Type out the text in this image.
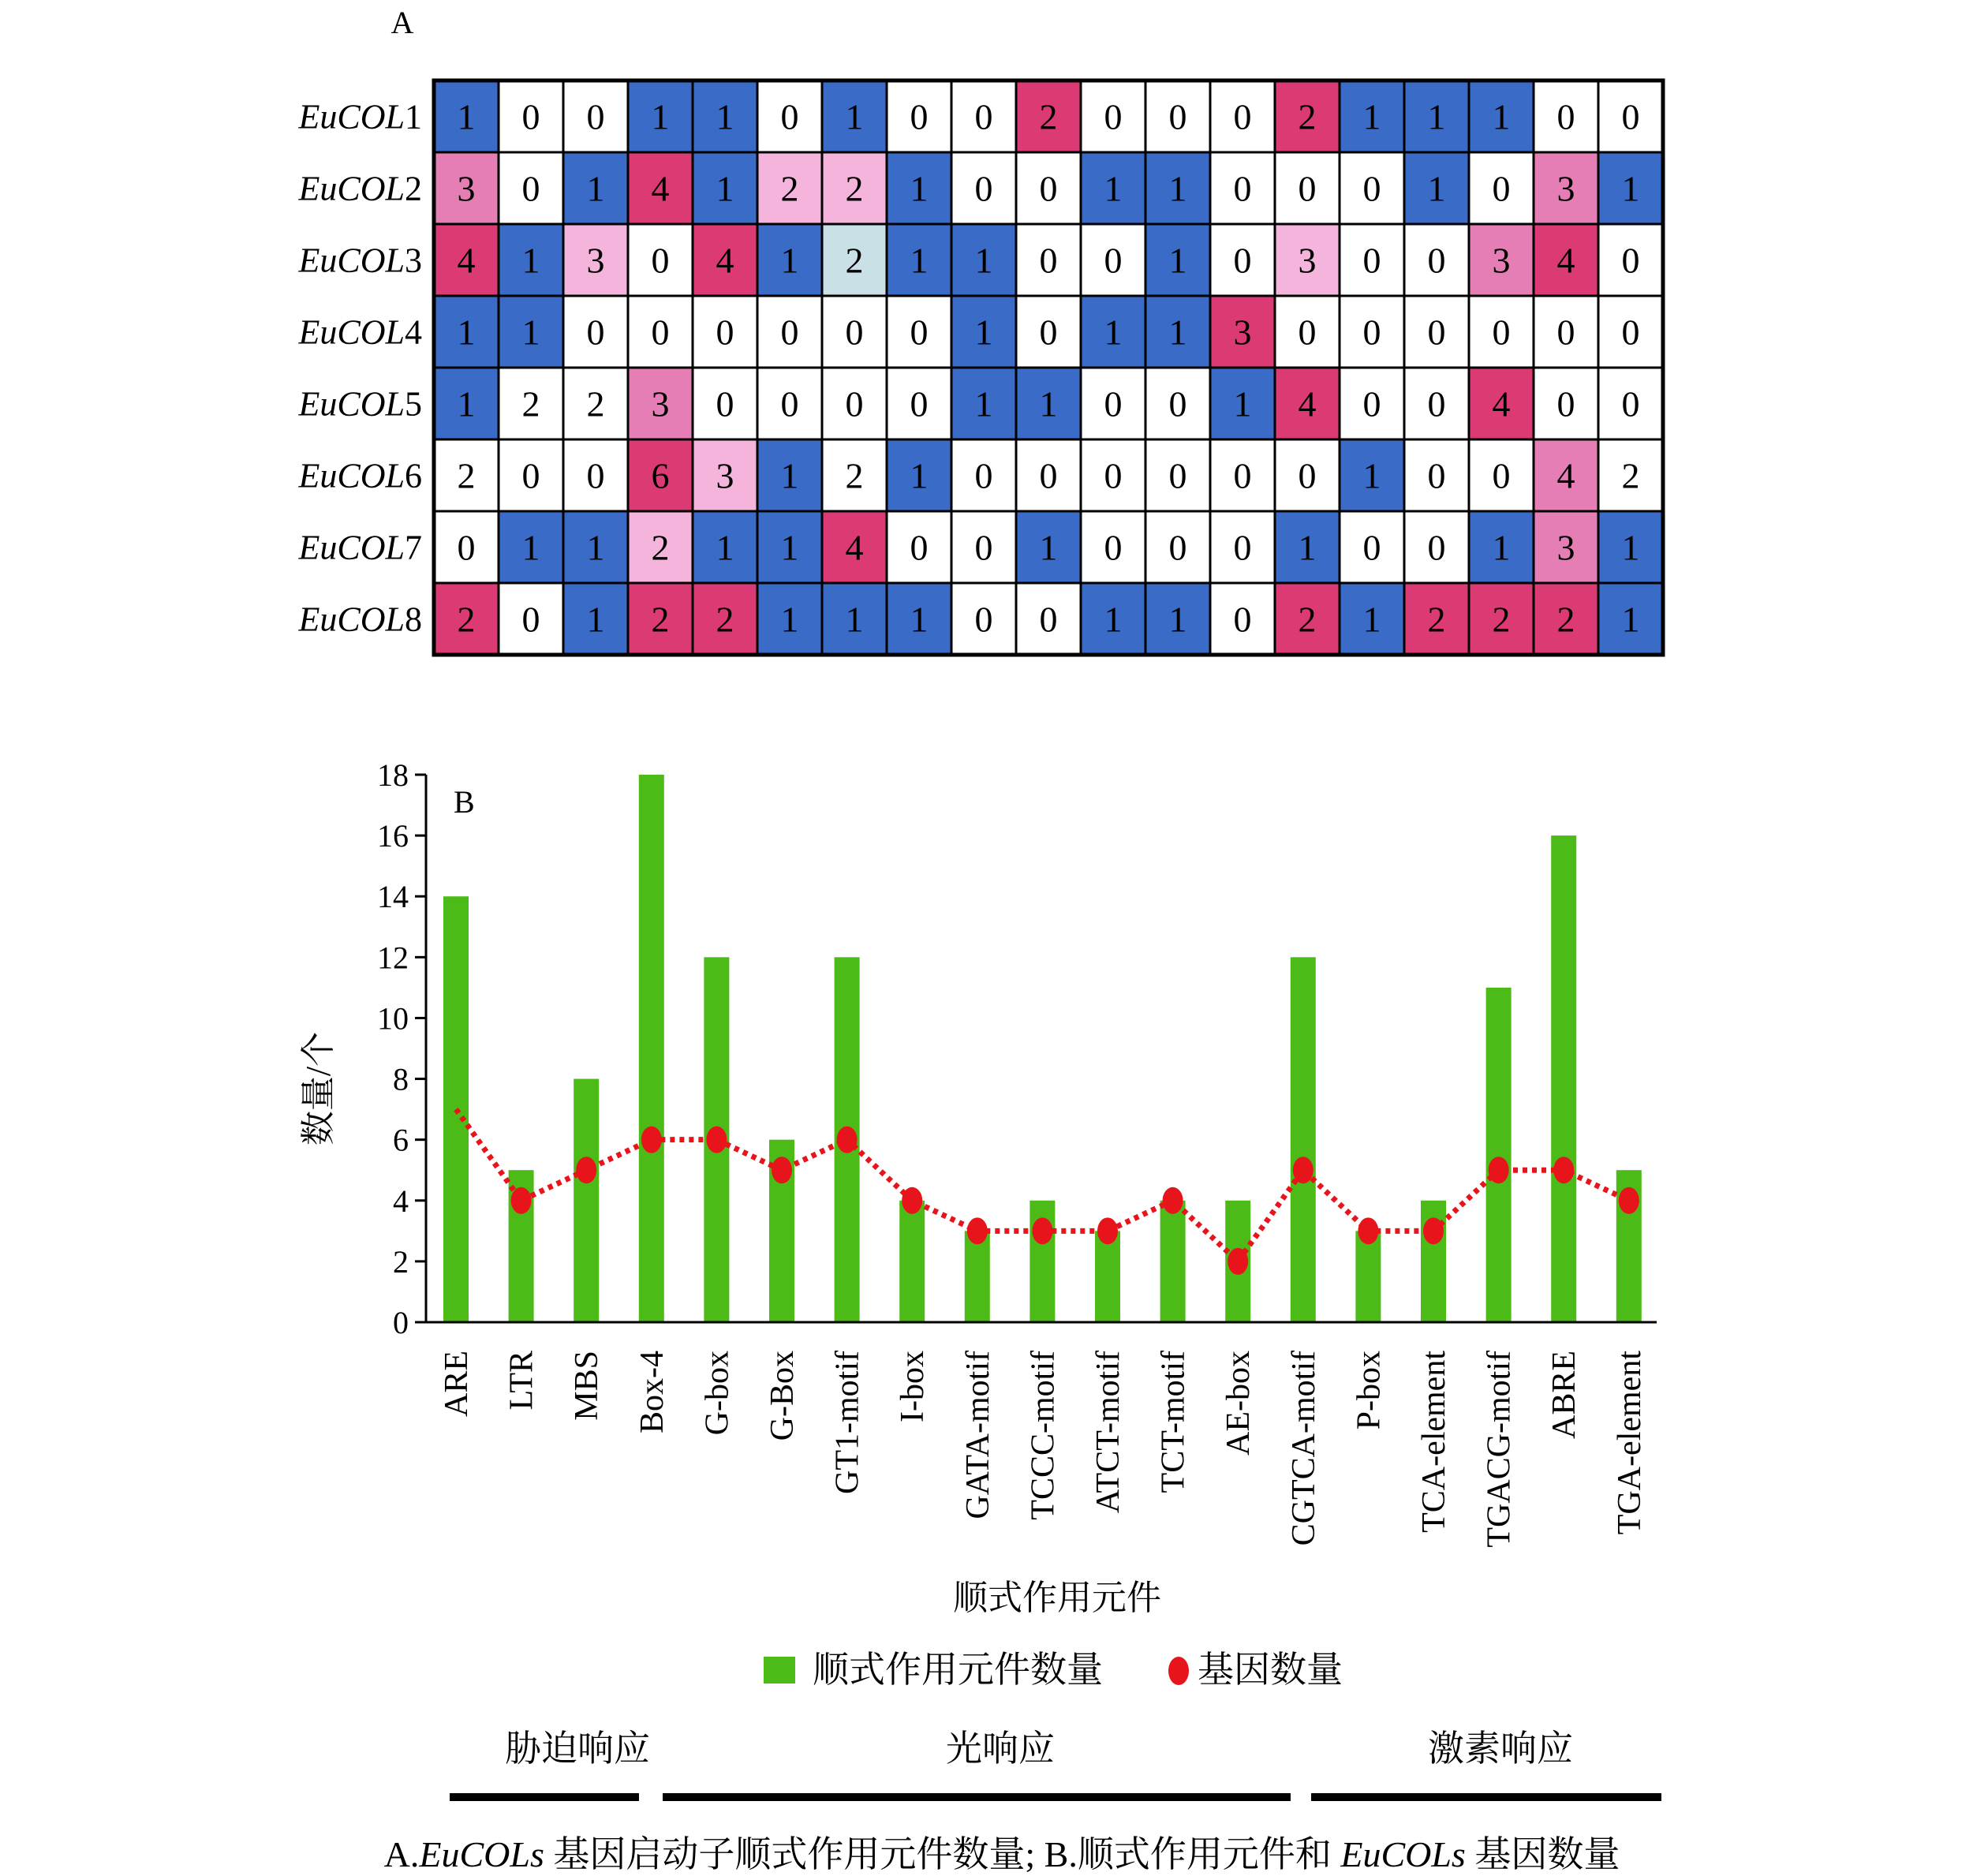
A
EuCOL1 1 0 0 1 1 0 1 0 0 2 0 0 0 2 1 1 1 0 0
EuCOL2 3 0 1 4 1 2 2 1 0 0 1 1 0 0 0 1 0 3 1
EuCOL3 4 1 3 0 4 1 2 1 1 0 0 1 0 3 0 0 3 4 0
EuCOL4 1 1 0 0 0 0 0 0 1 0 1 1 3 0 0 0 0 0 0
EuCOL5 1 2 2 3 0 0 0 0 1 1 0 0 1 4 0 0 4 0 0
EuCOL6 2 0 0 6 3 1 2 1 0 0 0 0 0 0 1 0 0 4 2
EuCOL7 0 1 1 2 1 1 4 0 0 1 0 0 0 1 0 0 1 3 1
EuCOL8 2 0 1 2 2 1 1 1 0 0 1 1 0 2 1 2 2 2 1
0
2
4
6
8
10
12
14
16
18
B
ARE LTR MBS Box-4 G-box G-Box GT1-motif I-box GATA-motif TCCC-motif ATCT-motif TCT-motif AE-box CGTCA-motif P-box TCA-element TGACG-motif ABRE TGA-element
数量/个
顺式作用元件
顺式作用元件数量	基因数量
胁迫响应	光响应	激素响应
A.EuCOLs 基因启动子顺式作用元件数量; B.顺式作用元件和 EuCOLs 基因数量
